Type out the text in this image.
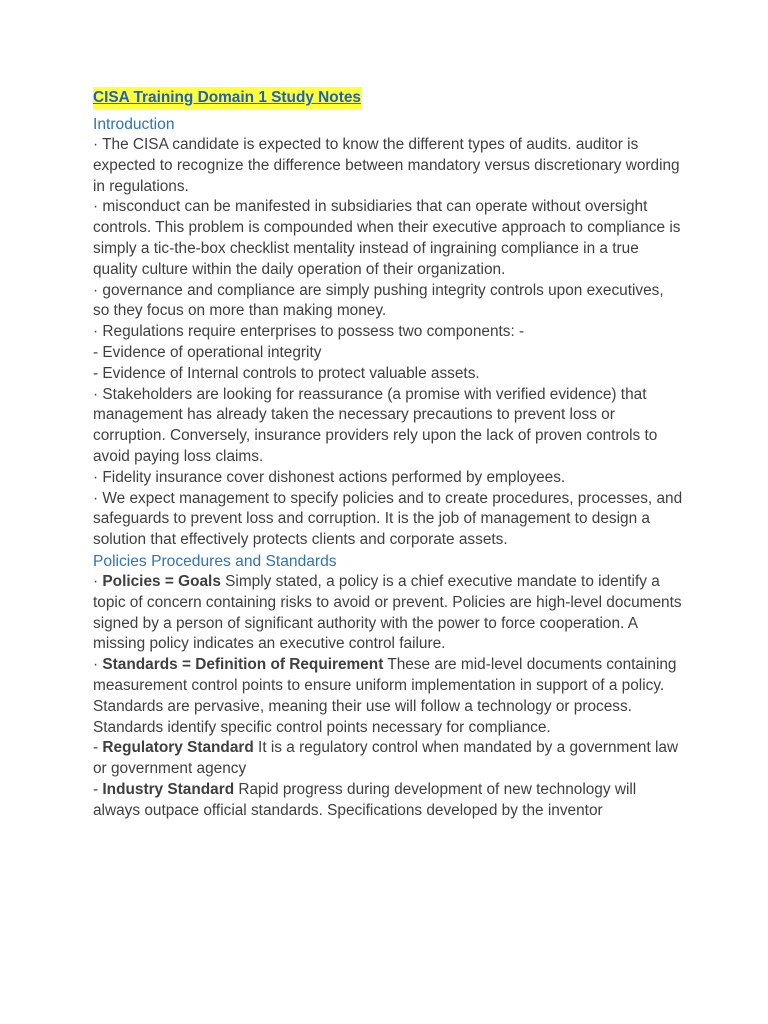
CISA Training Domain 1 Study Notes
Introduction

· The CISA candidate is expected to know the different types of audits. auditor is expected to recognize the difference between mandatory versus discretionary wording in regulations.

· misconduct can be manifested in subsidiaries that can operate without oversight controls. This problem is compounded when their executive approach to compliance is simply a tic-the-box checklist mentality instead of ingraining compliance in a true quality culture within the daily operation of their organization.

· governance and compliance are simply pushing integrity controls upon executives, so they focus on more than making money.

· Regulations require enterprises to possess two components: -

- Evidence of operational integrity

- Evidence of Internal controls to protect valuable assets.

· Stakeholders are looking for reassurance (a promise with verified evidence) that management has already taken the necessary precautions to prevent loss or corruption. Conversely, insurance providers rely upon the lack of proven controls to avoid paying loss claims.

· Fidelity insurance cover dishonest actions performed by employees.

· We expect management to specify policies and to create procedures, processes, and safeguards to prevent loss and corruption. It is the job of management to design a solution that effectively protects clients and corporate assets.

Policies Procedures and Standards

· Policies = Goals Simply stated, a policy is a chief executive mandate to identify a topic of concern containing risks to avoid or prevent. Policies are high-level documents signed by a person of significant authority with the power to force cooperation. A missing policy indicates an executive control failure.

· Standards = Definition of Requirement These are mid-level documents containing measurement control points to ensure uniform implementation in support of a policy. Standards are pervasive, meaning their use will follow a technology or process. Standards identify specific control points necessary for compliance.

- Regulatory Standard It is a regulatory control when mandated by a government law or government agency

- Industry Standard Rapid progress during development of new technology will always outpace official standards. Specifications developed by the inventor
